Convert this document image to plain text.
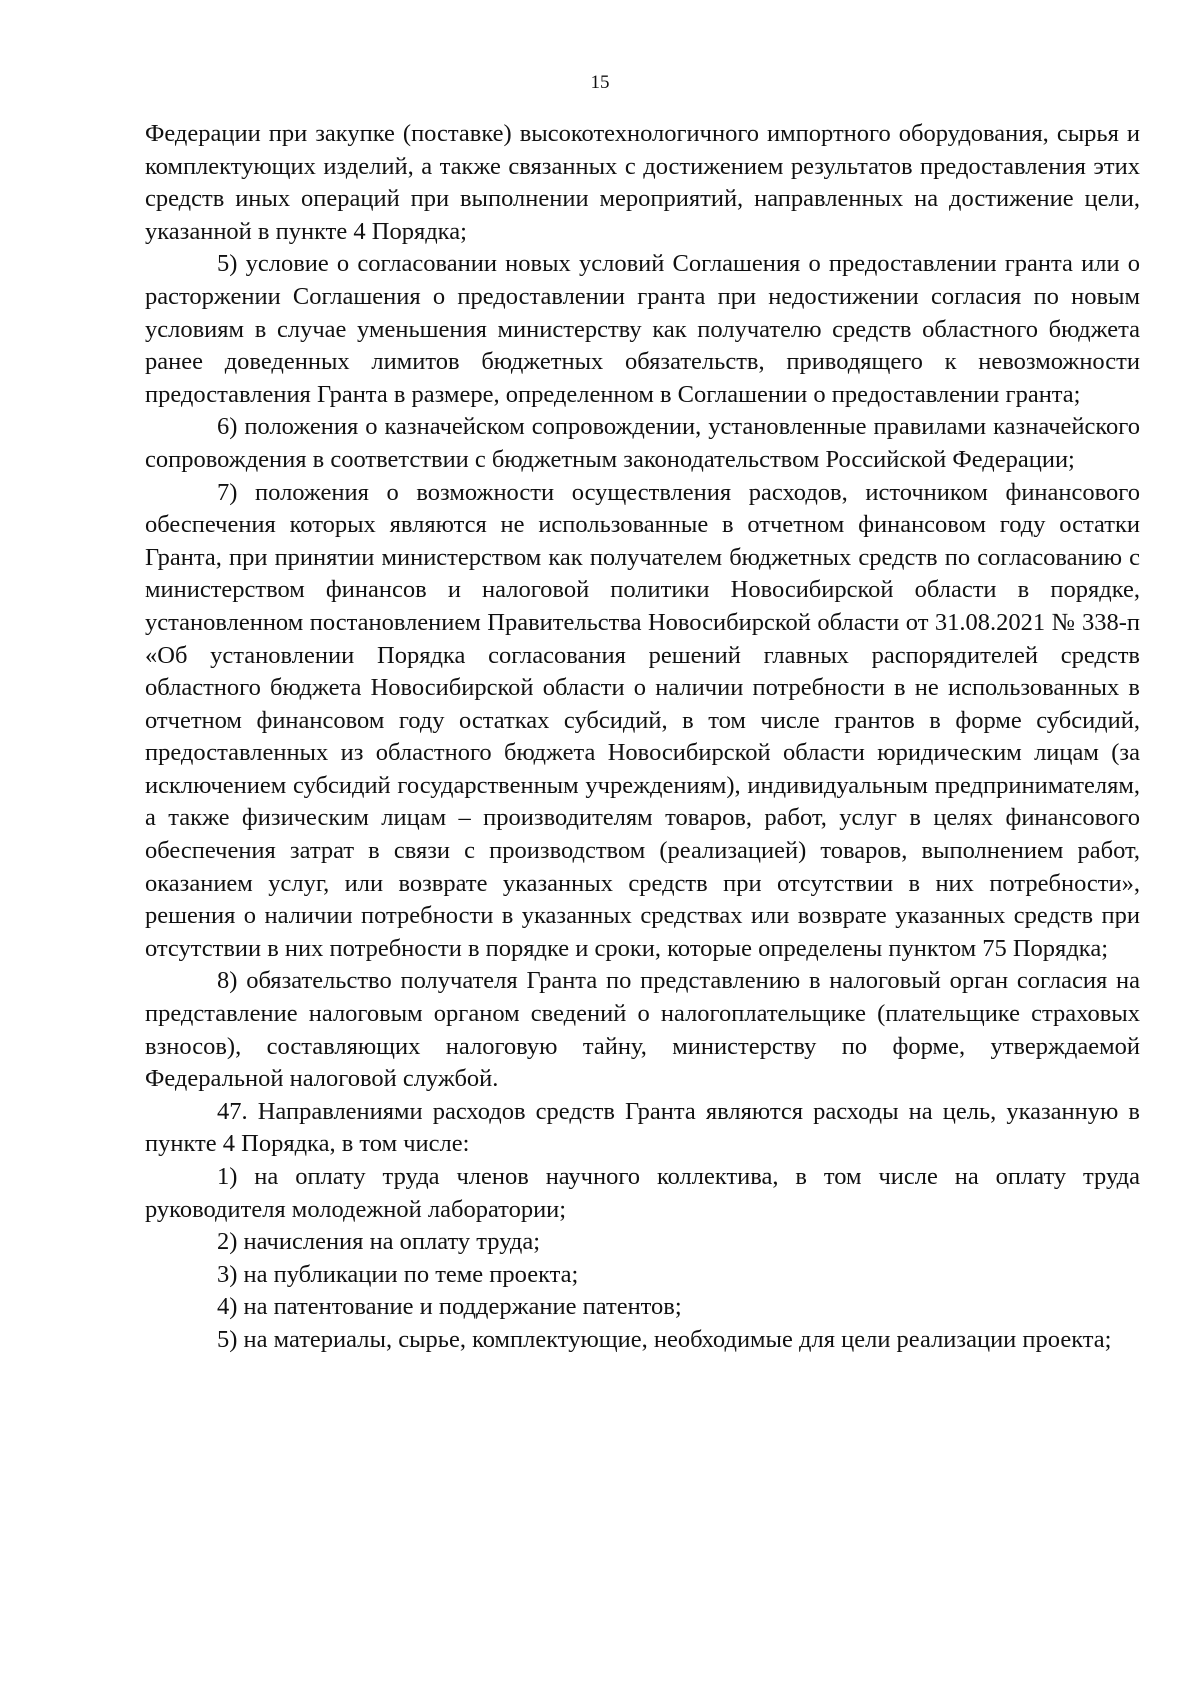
15

Федерации при закупке (поставке) высокотехнологичного импортного оборудования, сырья и комплектующих изделий, а также связанных с достижением результатов предоставления этих средств иных операций при выполнении мероприятий, направленных на достижение цели, указанной в пункте 4 Порядка;

5) условие о согласовании новых условий Соглашения о предоставлении гранта или о расторжении Соглашения о предоставлении гранта при недостижении согласия по новым условиям в случае уменьшения министерству как получателю средств областного бюджета ранее доведенных лимитов бюджетных обязательств, приводящего к невозможности предоставления Гранта в размере, определенном в Соглашении о предоставлении гранта;

6) положения о казначейском сопровождении, установленные правилами казначейского сопровождения в соответствии с бюджетным законодательством Российской Федерации;

7) положения о возможности осуществления расходов, источником финансового обеспечения которых являются не использованные в отчетном финансовом году остатки Гранта, при принятии министерством как получателем бюджетных средств по согласованию с министерством финансов и налоговой политики Новосибирской области в порядке, установленном постановлением Правительства Новосибирской области от 31.08.2021 № 338-п «Об установлении Порядка согласования решений главных распорядителей средств областного бюджета Новосибирской области о наличии потребности в не использованных в отчетном финансовом году остатках субсидий, в том числе грантов в форме субсидий, предоставленных из областного бюджета Новосибирской области юридическим лицам (за исключением субсидий государственным учреждениям), индивидуальным предпринимателям, а также физическим лицам – производителям товаров, работ, услуг в целях финансового обеспечения затрат в связи с производством (реализацией) товаров, выполнением работ, оказанием услуг, или возврате указанных средств при отсутствии в них потребности», решения о наличии потребности в указанных средствах или возврате указанных средств при отсутствии в них потребности в порядке и сроки, которые определены пунктом 75 Порядка;

8) обязательство получателя Гранта по представлению в налоговый орган согласия на представление налоговым органом сведений о налогоплательщике (плательщике страховых взносов), составляющих налоговую тайну, министерству по форме, утверждаемой Федеральной налоговой службой.

47. Направлениями расходов средств Гранта являются расходы на цель, указанную в пункте 4 Порядка, в том числе:

1) на оплату труда членов научного коллектива, в том числе на оплату труда руководителя молодежной лаборатории;

2) начисления на оплату труда;

3) на публикации по теме проекта;

4) на патентование и поддержание патентов;

5) на материалы, сырье, комплектующие, необходимые для цели реализации проекта;
